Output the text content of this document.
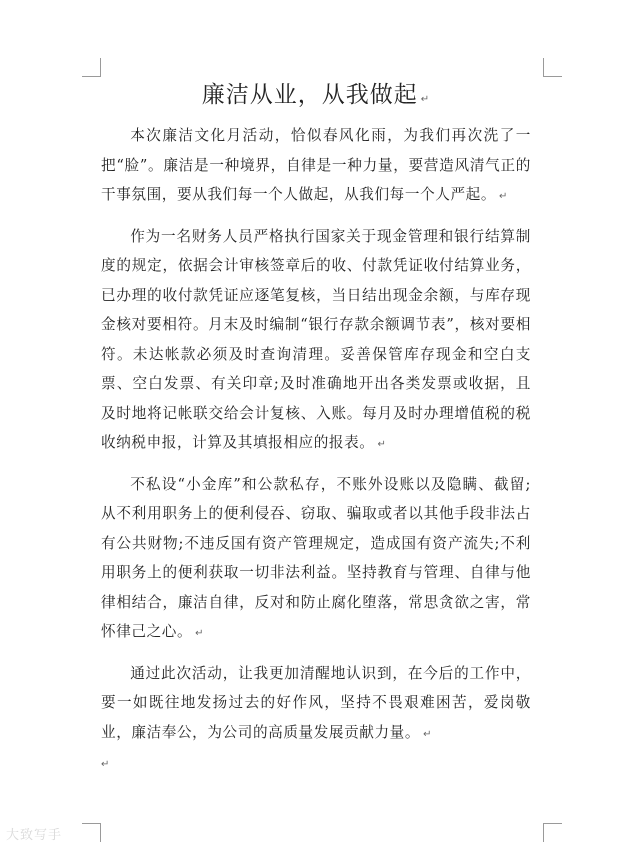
廉洁从业，从我做起 ↵

本次廉洁文化月活动，恰似春风化雨，为我们再次洗了一把“脸”。廉洁是一种境界，自律是一种力量，要营造风清气正的干事氛围，要从我们每一个人做起，从我们每一个人严起。 ↵

作为一名财务人员严格执行国家关于现金管理和银行结算制度的规定，依据会计审核签章后的收、付款凭证收付结算业务，已办理的收付款凭证应逐笔复核，当日结出现金余额，与库存现金核对要相符。月末及时编制“银行存款余额调节表”，核对要相符。未达帐款必须及时查询清理。妥善保管库存现金和空白支票、空白发票、有关印章;及时准确地开出各类发票或收据，且及时地将记帐联交给会计复核、入账。每月及时办理增值税的税收纳税申报，计算及其填报相应的报表。 ↵

不私设“小金库”和公款私存，不账外设账以及隐瞒、截留;从不利用职务上的便利侵吞、窃取、骗取或者以其他手段非法占有公共财物;不违反国有资产管理规定，造成国有资产流失;不利用职务上的便利获取一切非法利益。坚持教育与管理、自律与他律相结合，廉洁自律，反对和防止腐化堕落，常思贪欲之害，常怀律己之心。 ↵

通过此次活动，让我更加清醒地认识到，在今后的工作中，要一如既往地发扬过去的好作风，坚持不畏艰难困苦，爱岗敬业，廉洁奉公，为公司的高质量发展贡献力量。 ↵

↵
大致写手
